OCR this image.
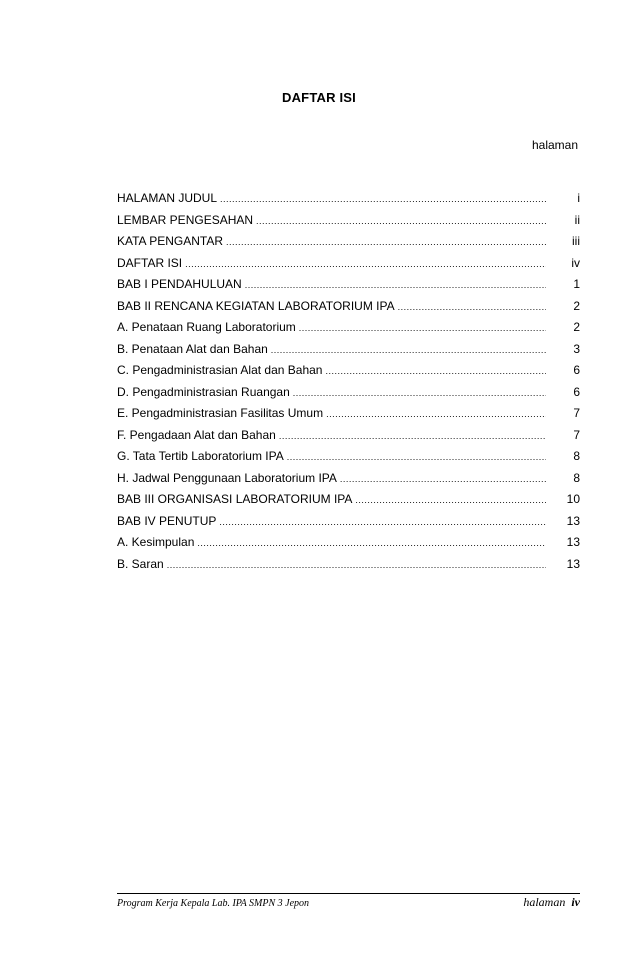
DAFTAR ISI
halaman
HALAMAN JUDUL .....	i
LEMBAR PENGESAHAN .....	ii
KATA PENGANTAR .....	iii
DAFTAR ISI .....	iv
BAB I PENDAHULUAN .....	1
BAB II RENCANA KEGIATAN LABORATORIUM IPA .....	2
A. Penataan Ruang Laboratorium .....	2
B. Penataan Alat dan Bahan .....	3
C. Pengadministrasian Alat dan Bahan .....	6
D. Pengadministrasian Ruangan .....	6
E. Pengadministrasian Fasilitas Umum .....	7
F. Pengadaan Alat dan Bahan .....	7
G. Tata Tertib Laboratorium IPA .....	8
H. Jadwal Penggunaan Laboratorium IPA .....	8
BAB III ORGANISASI LABORATORIUM IPA .....	10
BAB IV PENUTUP .....	13
A. Kesimpulan .....	13
B. Saran .....	13
Program Kerja Kepala Lab. IPA SMPN 3 Jepon	halaman iv
